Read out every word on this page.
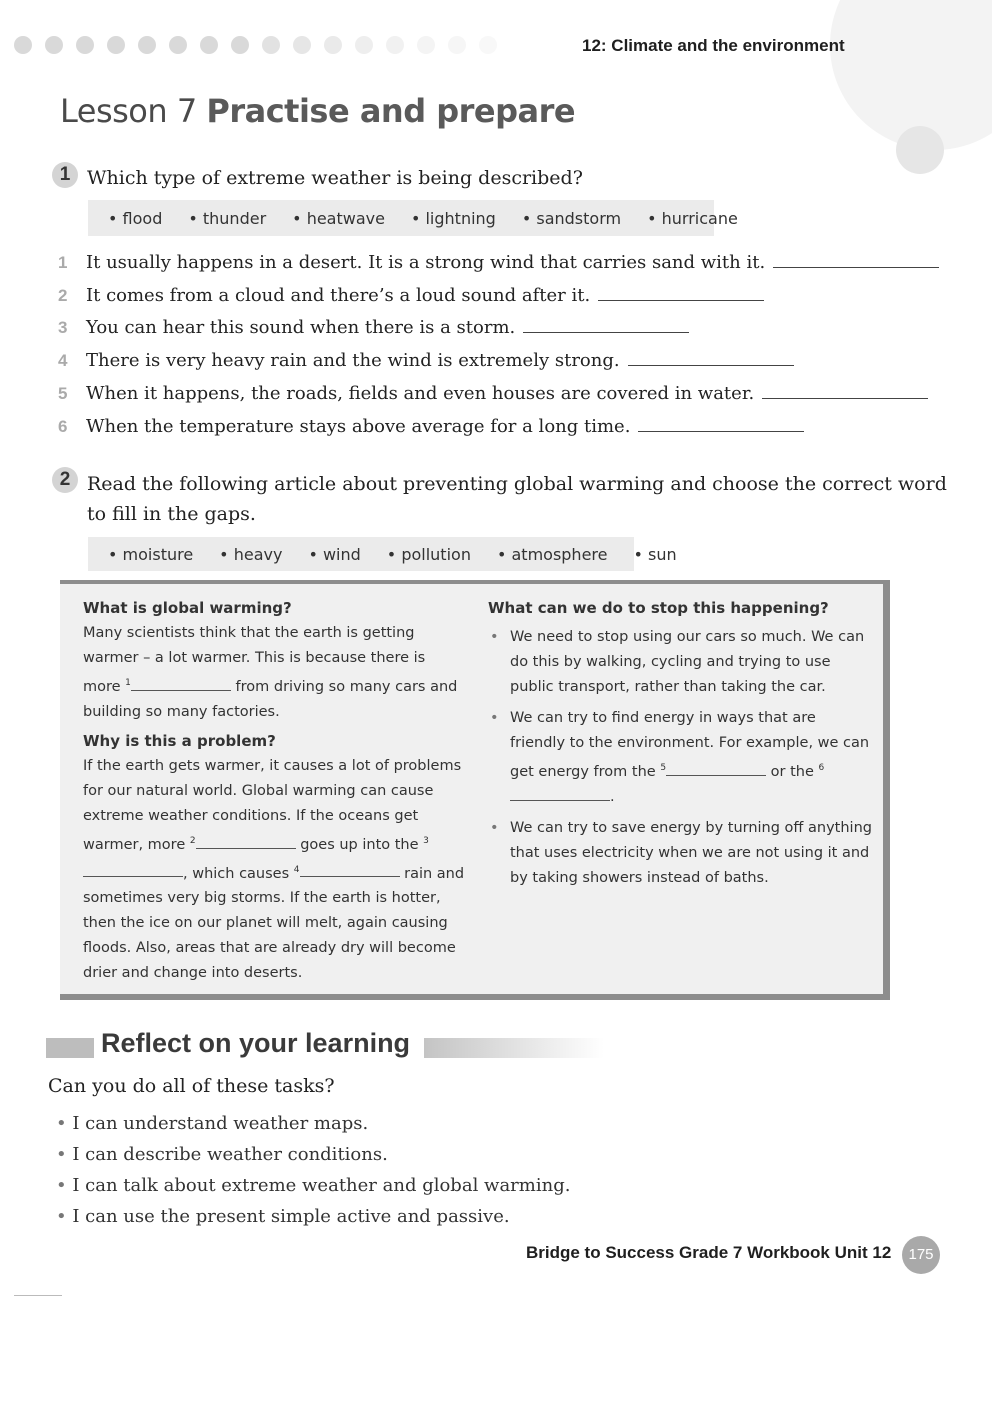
12: Climate and the environment
Lesson 7 Practise and prepare
1 Which type of extreme weather is being described?
• flood	• thunder	• heatwave	• lightning	• sandstorm	• hurricane
1 It usually happens in a desert. It is a strong wind that carries sand with it.
2 It comes from a cloud and there’s a loud sound after it.
3 You can hear this sound when there is a storm.
4 There is very heavy rain and the wind is extremely strong.
5 When it happens, the roads, fields and even houses are covered in water.
6 When the temperature stays above average for a long time.
2 Read the following article about preventing global warming and choose the correct word
to fill in the gaps.
• moisture	• heavy	• wind	• pollution	• atmosphere	• sun
What is global warming?

Many scientists think that the earth is getting warmer – a lot warmer. This is because there is more $^1$	from driving so many cars and building so many factories.

Why is this a problem?

If the earth gets warmer, it causes a lot of problems for our natural world. Global warming can cause extreme weather conditions. If the oceans get warmer, more $^2$	goes up into the $^3$, which causes $^4$	rain and sometimes very big storms. If the earth is hotter, then the ice on our planet will melt, again causing floods. Also, areas that are already dry will become drier and change into deserts.

What can we do to stop this happening?
• We need to stop using our cars so much. We can do this by walking, cycling and trying to use public transport, rather than taking the car.
• We can try to find energy in ways that are friendly to the environment. For example, we can get energy from the $^5$	or the $^6$.
• We can try to save energy by turning off anything that uses electricity when we are not using it and by taking showers instead of baths.
Reflect on your learning
Can you do all of these tasks?
• I can understand weather maps.
• I can describe weather conditions.
• I can talk about extreme weather and global warming.
• I can use the present simple active and passive.
Bridge to Success Grade 7 Workbook Unit 12	175
